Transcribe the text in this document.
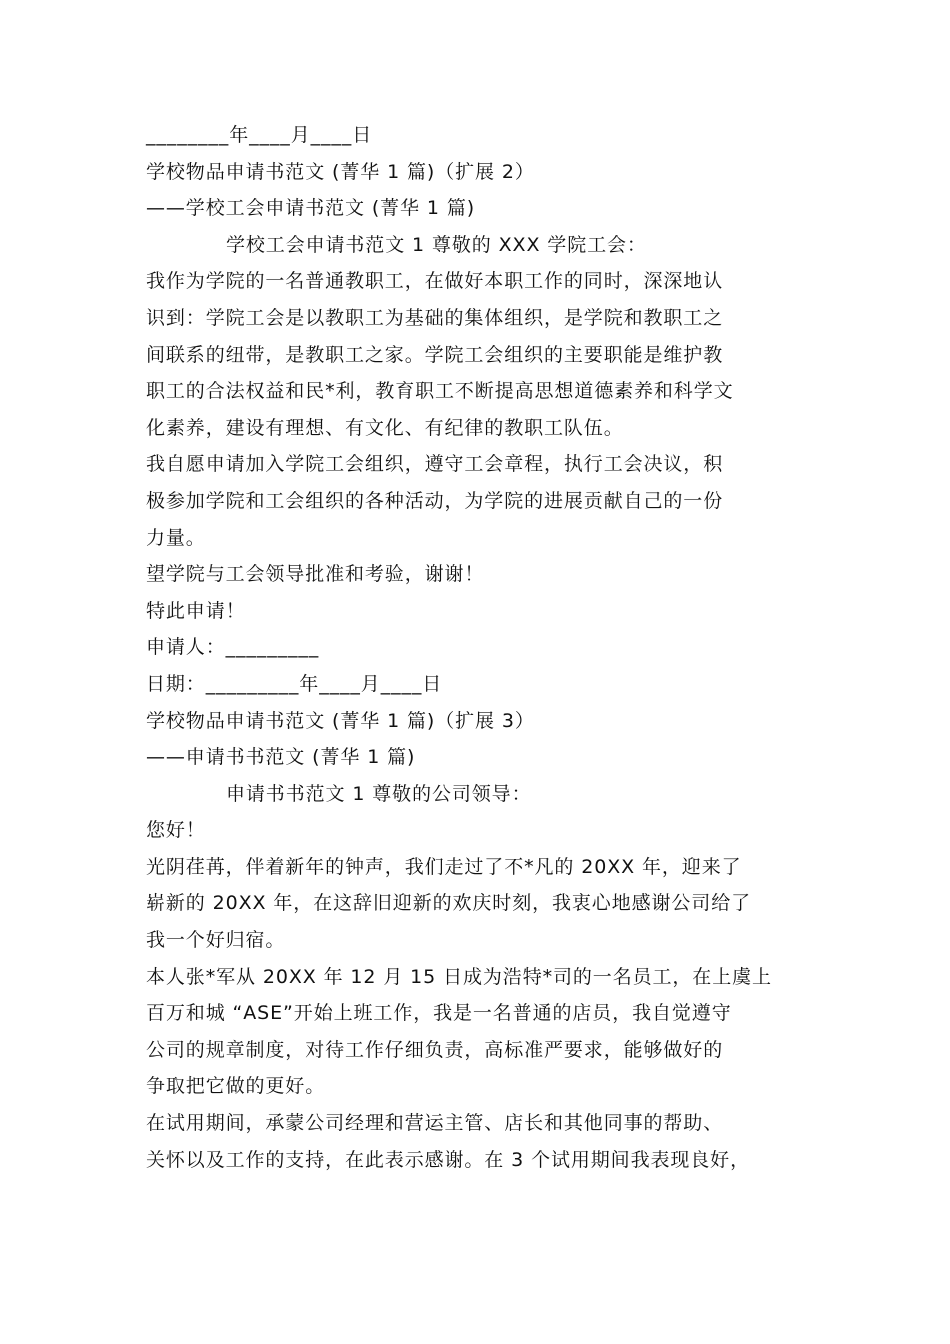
________年____月____日
学校物品申请书范文 (菁华 1 篇)（扩展 2）
——学校工会申请书范文 (菁华 1 篇)
学校工会申请书范文 1 尊敬的 XXX 学院工会：
我作为学院的一名普通教职工，在做好本职工作的同时，深深地认
识到：学院工会是以教职工为基础的集体组织，是学院和教职工之
间联系的纽带，是教职工之家。学院工会组织的主要职能是维护教
职工的合法权益和民*利，教育职工不断提高思想道德素养和科学文
化素养，建设有理想、有文化、有纪律的教职工队伍。
我自愿申请加入学院工会组织，遵守工会章程，执行工会决议，积
极参加学院和工会组织的各种活动，为学院的进展贡献自己的一份
力量。
望学院与工会领导批准和考验，谢谢！
特此申请！
申请人：_________
日期：_________年____月____日
学校物品申请书范文 (菁华 1 篇)（扩展 3）
——申请书书范文 (菁华 1 篇)
申请书书范文 1 尊敬的公司领导：
您好！
光阴荏苒，伴着新年的钟声，我们走过了不*凡的 20XX 年，迎来了
崭新的 20XX 年，在这辞旧迎新的欢庆时刻，我衷心地感谢公司给了
我一个好归宿。
本人张*军从 20XX 年 12 月 15 日成为浩特*司的一名员工，在上虞上
百万和城 “ASE”开始上班工作，我是一名普通的店员，我自觉遵守
公司的规章制度，对待工作仔细负责，高标准严要求，能够做好的
争取把它做的更好。
在试用期间，承蒙公司经理和营运主管、店长和其他同事的帮助、
关怀以及工作的支持，在此表示感谢。在 3 个试用期间我表现良好，
